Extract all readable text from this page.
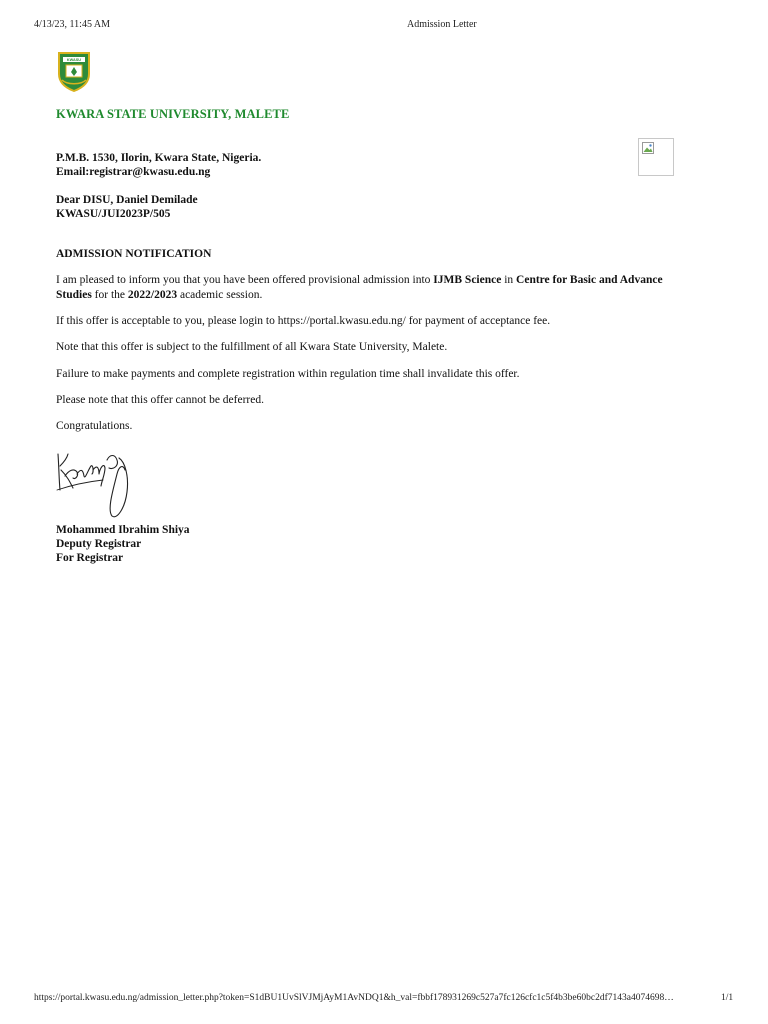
4/13/23, 11:45 AM	Admission Letter
KWASU
KWARA STATE UNIVERSITY, MALETE
P.M.B. 1530, Ilorin, Kwara State, Nigeria.
Email:registrar@kwasu.edu.ng
Dear DISU, Daniel Demilade
KWASU/JUI2023P/505
ADMISSION NOTIFICATION
I am pleased to inform you that you have been offered provisional admission into IJMB Science in Centre for Basic and Advance Studies for the 2022/2023 academic session.
If this offer is acceptable to you, please login to https://portal.kwasu.edu.ng/ for payment of acceptance fee.
Note that this offer is subject to the fulfillment of all Kwara State University, Malete.
Failure to make payments and complete registration within regulation time shall invalidate this offer.
Please note that this offer cannot be deferred.
Congratulations.
Mohammed Ibrahim Shiya
Deputy Registrar
For Registrar
https://portal.kwasu.edu.ng/admission_letter.php?token=S1dBU1UvSlVJMjAyM1AvNDQ1&h_val=fbbf178931269c527a7fc126cfc1c5f4b3be60bc2df7143a4074698…	1/1
